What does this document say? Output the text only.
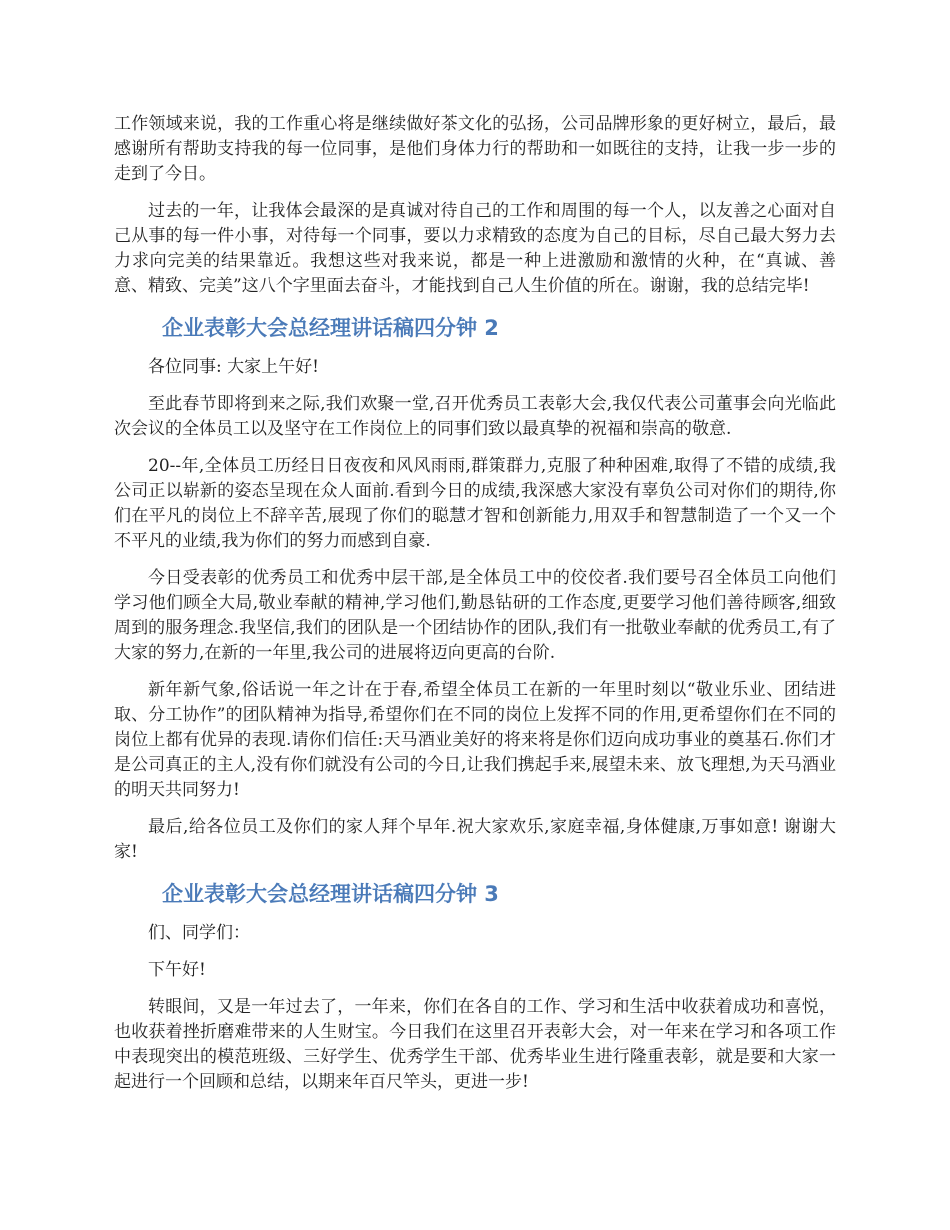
工作领域来说，我的工作重心将是继续做好茶文化的弘扬，公司品牌形象的更好树立，最后，最感谢所有帮助支持我的每一位同事，是他们身体力行的帮助和一如既往的支持，让我一步一步的走到了今日。

过去的一年，让我体会最深的是真诚对待自己的工作和周围的每一个人，以友善之心面对自己从事的每一件小事，对待每一个同事，要以力求精致的态度为自己的目标，尽自己最大努力去力求向完美的结果靠近。我想这些对我来说，都是一种上进激励和激情的火种，在“真诚、善意、精致、完美”这八个字里面去奋斗，才能找到自己人生价值的所在。谢谢，我的总结完毕!

企业表彰大会总经理讲话稿四分钟 2

各位同事: 大家上午好!

至此春节即将到来之际,我们欢聚一堂,召开优秀员工表彰大会,我仅代表公司董事会向光临此次会议的全体员工以及坚守在工作岗位上的同事们致以最真挚的祝福和崇高的敬意.

20--年,全体员工历经日日夜夜和风风雨雨,群策群力,克服了种种困难,取得了不错的成绩,我公司正以崭新的姿态呈现在众人面前.看到今日的成绩,我深感大家没有辜负公司对你们的期待,你们在平凡的岗位上不辞辛苦,展现了你们的聪慧才智和创新能力,用双手和智慧制造了一个又一个不平凡的业绩,我为你们的努力而感到自豪.

今日受表彰的优秀员工和优秀中层干部,是全体员工中的佼佼者.我们要号召全体员工向他们学习他们顾全大局,敬业奉献的精神,学习他们,勤恳钻研的工作态度,更要学习他们善待顾客,细致周到的服务理念.我坚信,我们的团队是一个团结协作的团队,我们有一批敬业奉献的优秀员工,有了大家的努力,在新的一年里,我公司的进展将迈向更高的台阶.

新年新气象,俗话说一年之计在于春,希望全体员工在新的一年里时刻以“敬业乐业、团结进取、分工协作”的团队精神为指导,希望你们在不同的岗位上发挥不同的作用,更希望你们在不同的岗位上都有优异的表现.请你们信任:天马酒业美好的将来将是你们迈向成功事业的奠基石.你们才是公司真正的主人,没有你们就没有公司的今日,让我们携起手来,展望未来、放飞理想,为天马酒业的明天共同努力!

最后,给各位员工及你们的家人拜个早年.祝大家欢乐,家庭幸福,身体健康,万事如意! 谢谢大家!

企业表彰大会总经理讲话稿四分钟 3

们、同学们：

下午好!

转眼间，又是一年过去了，一年来，你们在各自的工作、学习和生活中收获着成功和喜悦，也收获着挫折磨难带来的人生财宝。今日我们在这里召开表彰大会，对一年来在学习和各项工作中表现突出的模范班级、三好学生、优秀学生干部、优秀毕业生进行隆重表彰，就是要和大家一起进行一个回顾和总结，以期来年百尺竿头，更进一步!
